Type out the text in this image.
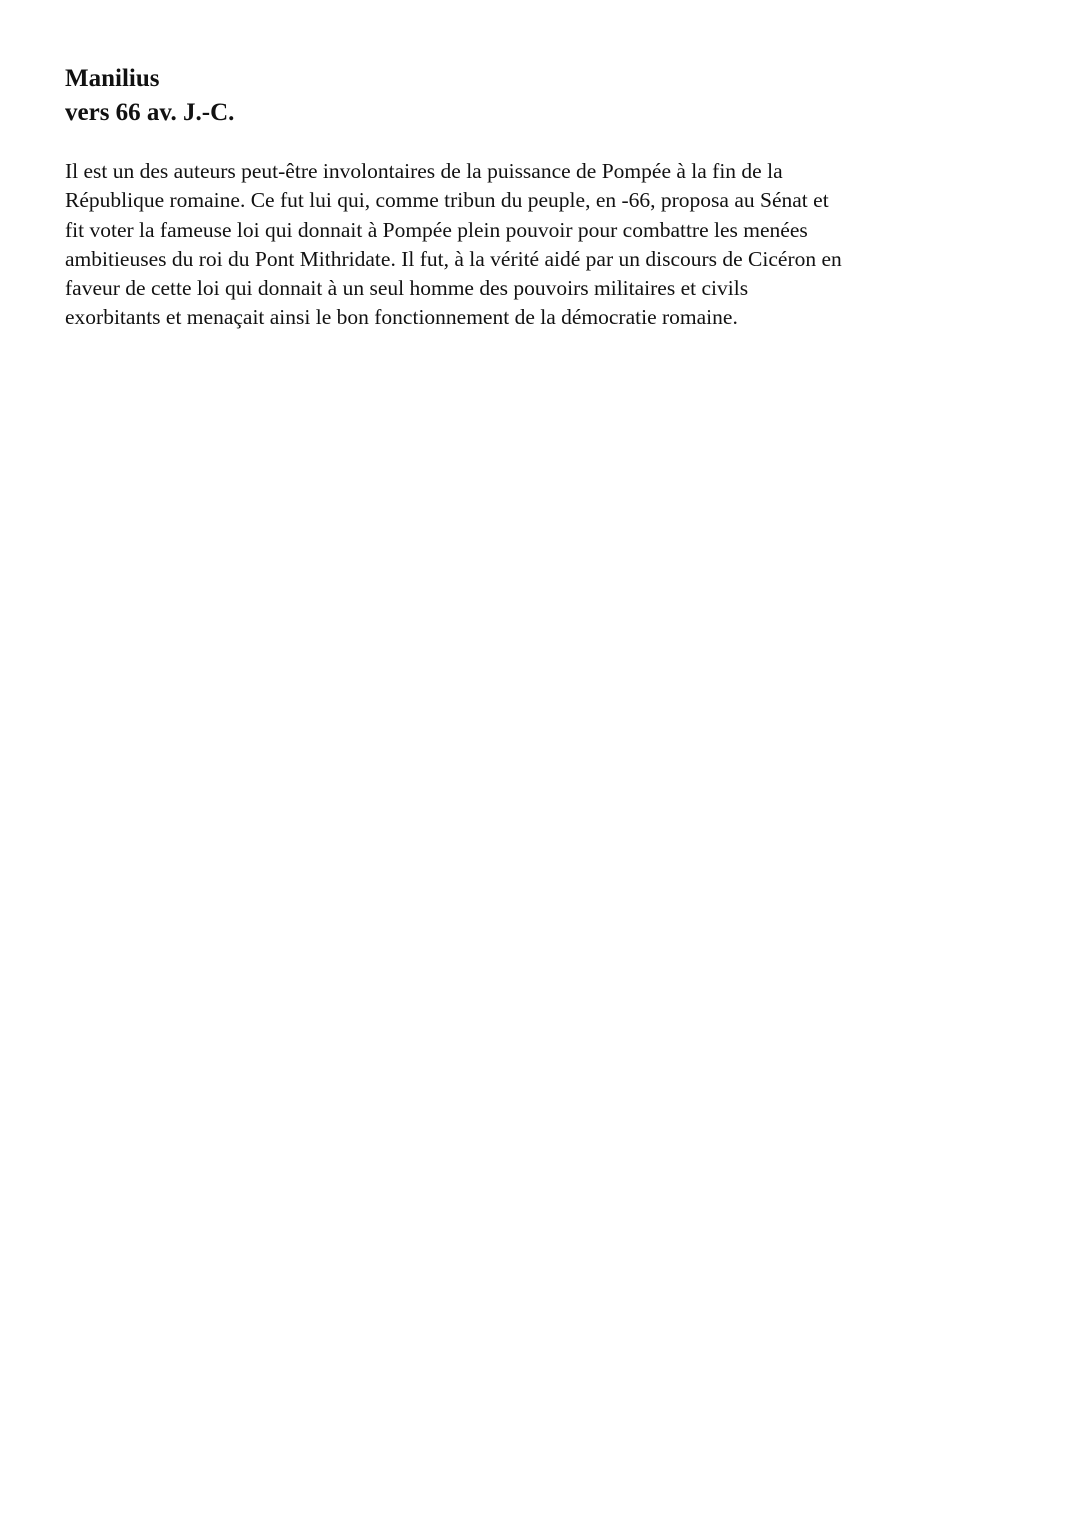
Manilius
vers 66 av. J.-C.

Il est un des auteurs peut-être involontaires de la puissance de Pompée à la fin de la
République romaine. Ce fut lui qui, comme tribun du peuple, en -66, proposa au Sénat et
fit voter la fameuse loi qui donnait à Pompée plein pouvoir pour combattre les menées
ambitieuses du roi du Pont Mithridate. Il fut, à la vérité aidé par un discours de Cicéron en
faveur de cette loi qui donnait à un seul homme des pouvoirs militaires et civils
exorbitants et menaçait ainsi le bon fonctionnement de la démocratie romaine.
